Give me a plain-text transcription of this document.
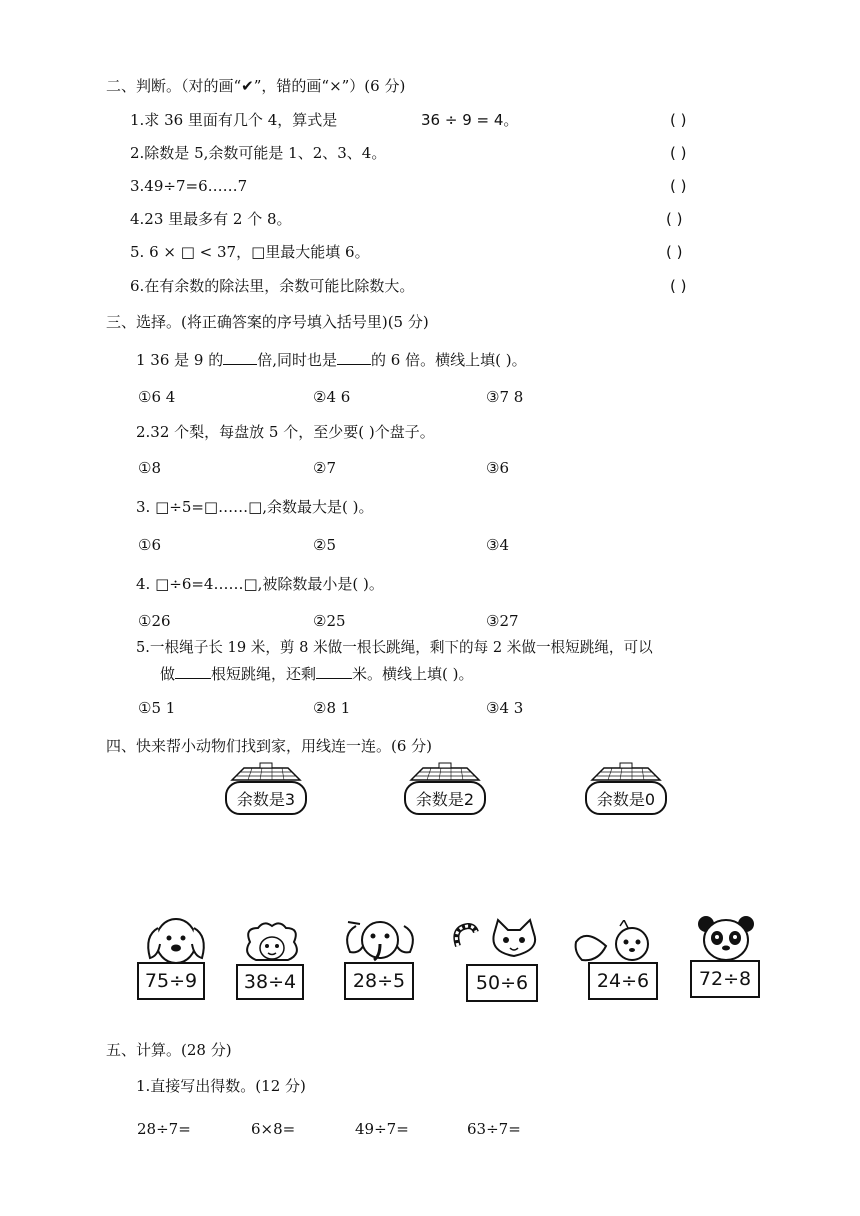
二、判断。（对的画“✔”，错的画“×”）(6 分)
1.求 36 里面有几个 4，算式是	36 ÷ 9 = 4。	( )
2.除数是 5,余数可能是 1、2、3、4。	( )
3.49÷7=6……7	( )
4.23 里最多有 2 个 8。	( )
5. 6 × □ < 37，□里最大能填 6。	( )
6.在有余数的除法里，余数可能比除数大。	( )
三、选择。(将正确答案的序号填入括号里)(5 分)
1 36 是 9 的 倍,同时也是 的 6 倍。横线上填( )。
①6 4	②4 6	③7 8
2.32 个梨，每盘放 5 个，至少要( )个盘子。
①8	②7	③6
3. □÷5=□……□,余数最大是( )。
①6	②5	③4
4. □÷6=4……□,被除数最小是( )。
①26	②25	③27
5.一根绳子长 19 米，剪 8 米做一根长跳绳，剩下的每 2 米做一根短跳绳，可以
做 根短跳绳，还剩 米。横线上填( )。
①5 1	②8 1	③4 3
四、快来帮小动物们找到家，用线连一连。(6 分)
余数是3	余数是2	余数是0
75÷9	38÷4	28÷5	50÷6	24÷6	72÷8
五、计算。(28 分)
1.直接写出得数。(12 分)
28÷7=	6×8=	49÷7=	63÷7=
